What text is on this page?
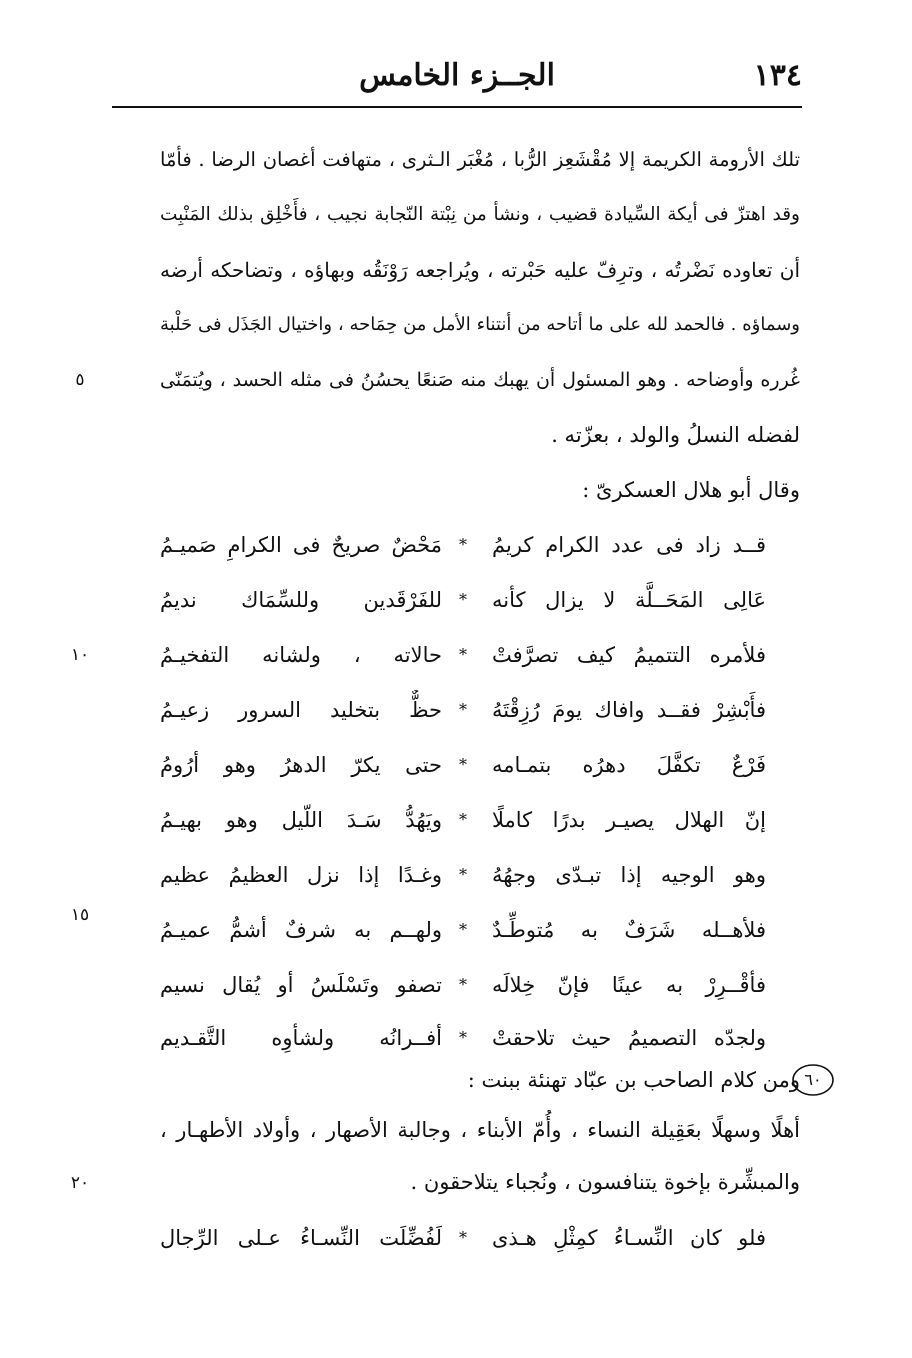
١٣٤
الجــزء الخامس
تلك الأرومة الكريمة إلا مُقْشَعِز الرُّبا ، مُغْبَر الـثرى ، متهافت أغصان الرضا . فأمّا
وقد اهتزّ فى أيكة السِّيادة قضيب ، ونشأ من نِبْتة النّجابة نجيب ، فأَخْلِق بذلك المَنْبِت
أن تعاوده نَضْرتُه ، وترِفّ عليه حَبْرته ، ويُراجعه رَوْنَقُه وبهاؤه ، وتضاحكه أرضه
وسماؤه . فالحمد لله على ما أتاحه من أنتناء الأمل من حِمَاحه ، واختيال الجَذَل فى حَلْبة
غُرره وأوضاحه . وهو المسئول أن يهبك منه صَنعًا يحسُنُ فى مثله الحسد ، ويُتمَنّى
لفضله النسلُ والولد ، بعزّته .
وقال أبو هلال العسكرىّ :
قــد زاد فى عدد الكرام كريمُ
*
مَحْضٌ صريحٌ فى الكرامِ صَميـمُ
عَالِى المَحَــلَّة لا يزال كأنه
*
للفَرْقَدين وللسِّمَاك نديمُ
فلأمره التتميمُ كيف تصرَّفتْ
*
حالاته ، ولشانه التفخيـمُ
فأَبْشِرْ فقــد وافاك يومَ رُزِقْتَهُ
*
حظٌّ بتخليد السرور زعيـمُ
فَرْعٌ تكفَّلَ دهرُه بتمـامه
*
حتى يكرّ الدهرُ وهو أرُومُ
إنّ الهلال يصيـر بدرًا كاملًا
*
ويَهُدُّ سَـدَ اللّيل وهو بهيـمُ
وهو الوجيه إذا تبـدّى وجهُهُ
*
وغـدًا إذا نزل العظيمُ عظيم
فلأهــله شَرَفٌ به مُتوطِّـدٌ
*
ولهــم به شرفٌ أشمُّ عميـمُ
فأقْــرِرْ به عينًا فإنّ خِلالَه
*
تصفو وتَسْلَسُ أو يُقال نسيم
ولجدّه التصميمُ حيث تلاحقتْ
*
أفــرانُه ولشأوِه التَّقـديم
ومن كلام الصاحب بن عبّاد تهنئة ببنت :
أهلًا وسهلًا بعَقِيلة النساء ، وأُمّ الأبناء ، وجالبة الأصهار ، وأولاد الأطهـار ،
والمبشِّرة بإخوة يتنافسون ، ونُجباء يتلاحقون .
فلو كان النِّسـاءُ كمِثْلِ هـذى
*
لَفُضِّلَت النِّسـاءُ عـلى الرِّجال
٥
١٠
١٥
٢٠
٦٠
